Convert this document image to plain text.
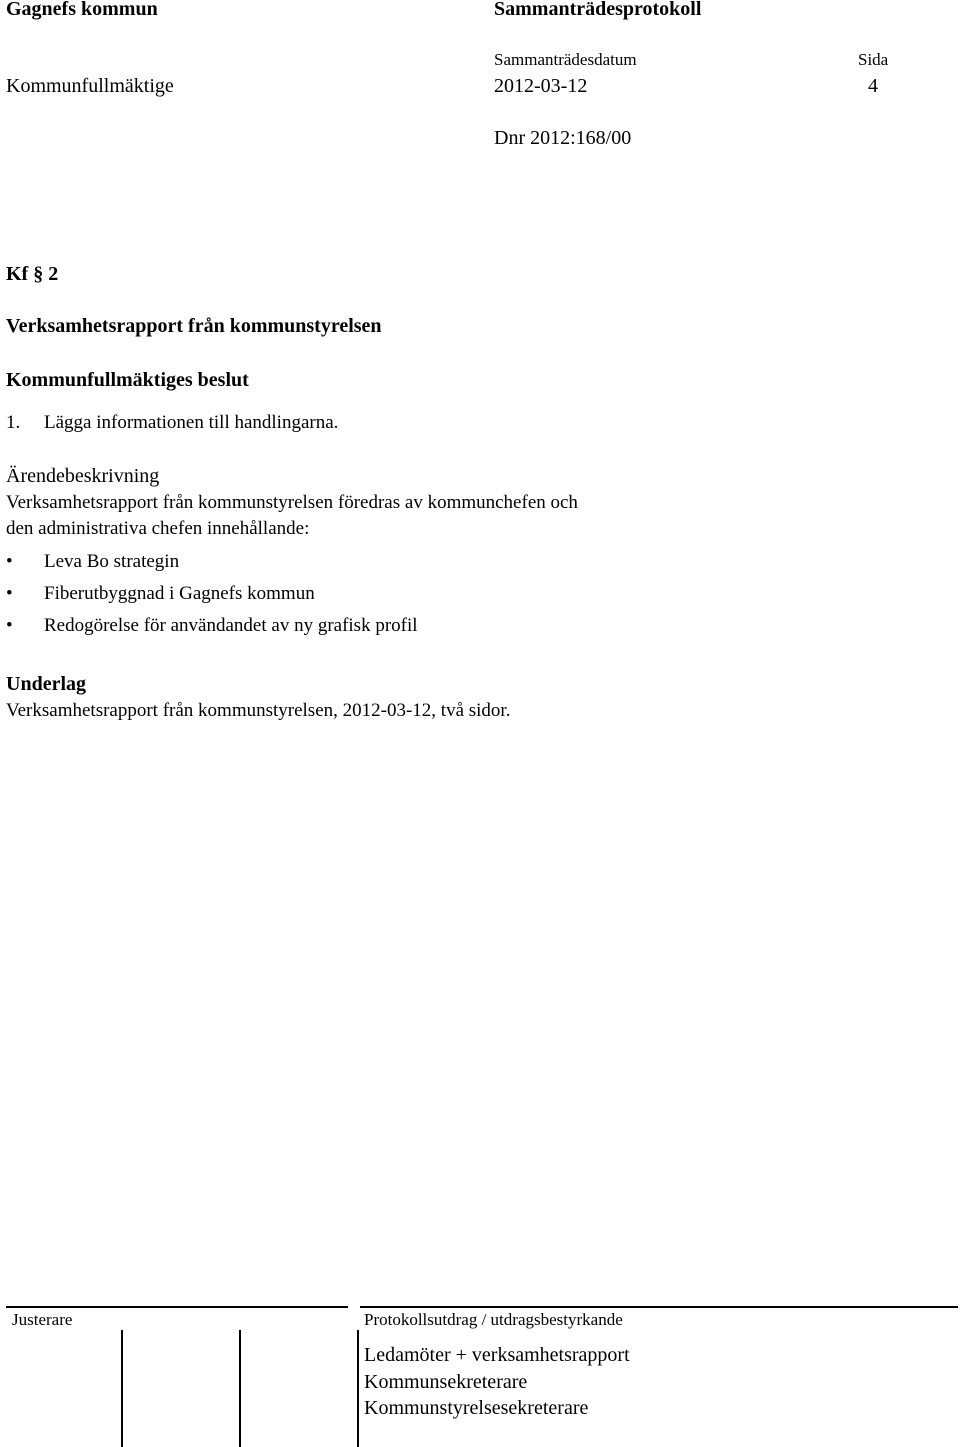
Gagnefs kommun	Sammanträdesprotokoll
Sammanträdesdatum	Sida
Kommunfullmäktige	2012-03-12	4
Dnr 2012:168/00
Kf § 2
Verksamhetsrapport från kommunstyrelsen
Kommunfullmäktiges beslut
1. Lägga informationen till handlingarna.
Ärendebeskrivning
Verksamhetsrapport från kommunstyrelsen föredras av kommunchefen och
den administrativa chefen innehållande:
• Leva Bo strategin
• Fiberutbyggnad i Gagnefs kommun
• Redogörelse för användandet av ny grafisk profil
Underlag
Verksamhetsrapport från kommunstyrelsen, 2012-03-12, två sidor.
Justerare	Protokollsutdrag / utdragsbestyrkande
Ledamöter + verksamhetsrapport
Kommunsekreterare
Kommunstyrelsesekreterare
